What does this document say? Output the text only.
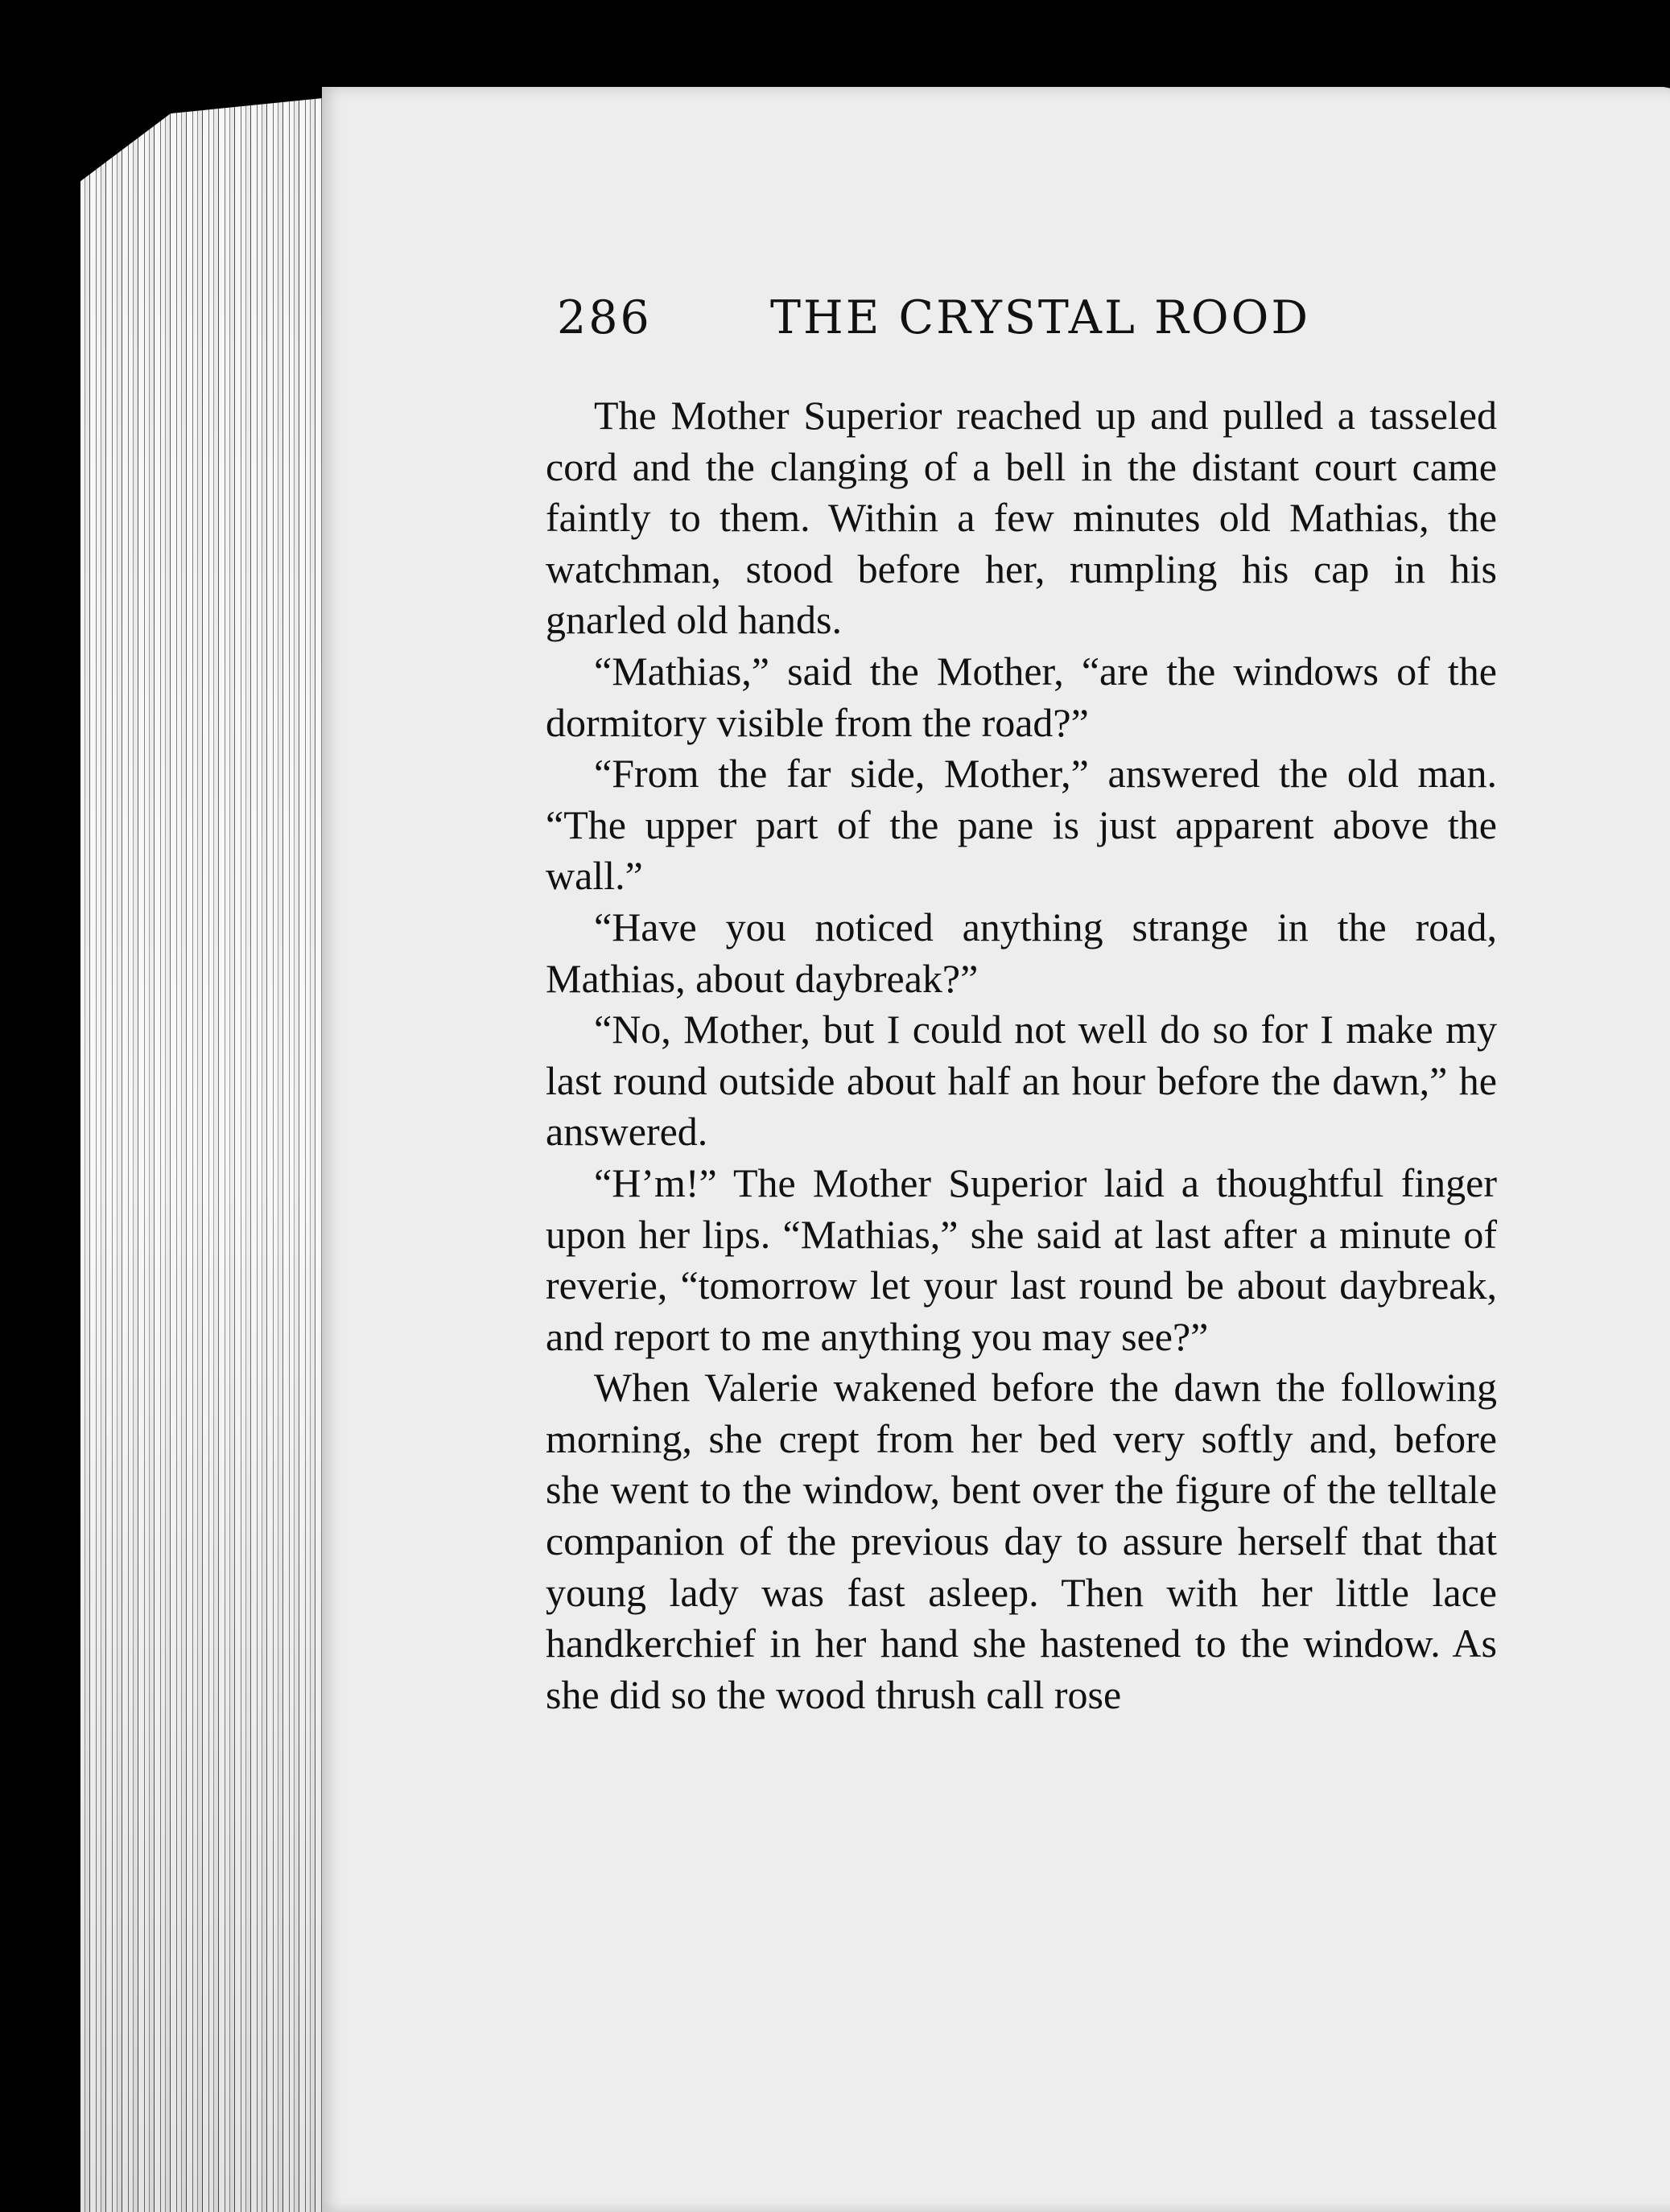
286	THE CRYSTAL ROOD

The Mother Superior reached up and pulled a tasseled cord and the clanging of a bell in the distant court came faintly to them. Within a few minutes old Mathias, the watchman, stood before her, rumpling his cap in his gnarled old hands.

“Mathias,” said the Mother, “are the windows of the dormitory visible from the road?”

“From the far side, Mother,” answered the old man. “The upper part of the pane is just apparent above the wall.”

“Have you noticed anything strange in the road, Mathias, about daybreak?”

“No, Mother, but I could not well do so for I make my last round outside about half an hour before the dawn,” he answered.

“H’m!” The Mother Superior laid a thoughtful finger upon her lips. “Mathias,” she said at last after a minute of reverie, “tomorrow let your last round be about daybreak, and report to me anything you may see?”

When Valerie wakened before the dawn the following morning, she crept from her bed very softly and, before she went to the window, bent over the figure of the telltale companion of the previous day to assure herself that that young lady was fast asleep. Then with her little lace handkerchief in her hand she hastened to the window. As she did so the wood thrush call rose
